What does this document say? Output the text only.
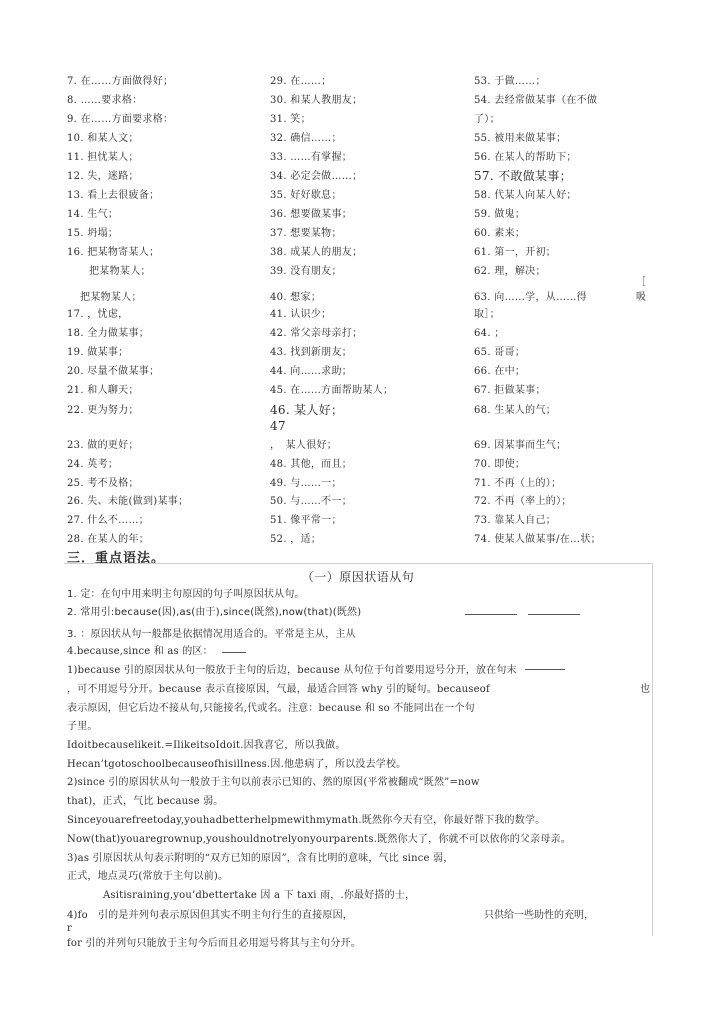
7. 在……方面做得好；
8. ……要求格：
9. 在……方面要求格：
10. 和某人文；
11. 担忧某人；
12. 失，迷路；
13. 看上去很疲备；
14. 生气；
15. 坍塌；
16. 把某物寄某人；
把某物某人；
把某物某人；
17. ，忧虑，
18. 全力做某事；
19. 做某事；
20. 尽量不做某事；
21. 和人聊天；
22. 更为努力；
23. 做的更好；
24. 英考；
25. 考不及格；
26. 失、未能(做到)某事；
27. 什么不……；
28. 在某人的年；
29. 在……；
30. 和某人教朋友；
31. 笑；
32. 确信……；
33. ……有掌握；
34. 必定会做……；
35. 好好歇息；
36. 想要做某事；
37. 想要某物；
38. 成某人的朋友；
39. 没有朋友；
40. 想家；
41. 认识少；
42. 常父亲母亲打；
43. 找到新朋友；
44. 向……求助；
45. 在……方面帮助某人；
46. 某人好；
47
，　某人很好；
48. 其他，而且；
49. 与……一；
50. 与……不一；
51. 像平常一；
52. ，适；
53. 于做……；
54. 去经常做某事（在不做
了）；
55. 被用来做某事；
56. 在某人的帮助下；
57. 不敢做某事；
58. 代某人向某人好；
59. 做鬼；
60. 素来；
61. 第一，开初；
62. 理，解决；
63. 向……学，从……得
取］；
64. ；
65. 哥哥；
66. 在中；
67. 拒做某事；
68. 生某人的气；
69. 因某事而生气；
70. 即使；
71. 不再（上的）；
72. 不再（率上的）；
73. 靠某人自己；
74. 使某人做某事/在…状；
［
吸
三．重点语法。
（一）原因状语从句
1. 定：在句中用来明主句原因的句子叫原因状从句。
2. 常用引:because(因),as(由于),since(既然),now(that)(既然)
3. ：原因状从句一般都是依据情况用适合的。平常是主从，主从
4.because,since 和 as 的区：
1)because 引的原因状从句一般放于主句的后边，because 从句位于句首要用逗号分开，放在句末
，可不用逗号分开。because 表示直接原因，气最，最适合回答 why 引的疑句。becauseof
表示原因，但它后边不接从句,只能接名,代或名。注意：because 和 so 不能同出在一个句
子里。
Idoitbecauselikeit.=IlikeitsoIdoit.因我喜它，所以我做。
Hecan’tgotoschoolbecauseofhisillness.因.他患病了，所以没去学校。
2)since 引的原因状从句一般放于主句以前表示已知的、然的原因(平常被翻成“既然”=now
that)，正式，气比 because 弱。
Sinceyouarefreetoday,youhadbetterhelpmewithmymath.既然你今天有空，你最好帮下我的数学。
Now(that)youaregrownup,youshouldnotrelyonyourparents.既然你大了，你就不可以依你的父亲母亲。
3)as 引原因状从句表示附明的“双方已知的原因”，含有比明的意味，气比 since 弱，
正式，地点灵巧(常放于主句以前)。
Asitisraining,you’dbettertake 因 a 下 taxi 雨，.你最好搭的士，
4)fo　引的是并列句表示原因但其实不明主句行生的直接原因，
r
for 引的并列句只能放于主句今后而且必用逗号将其与主句分开。
也
只供给一些助性的充明，
